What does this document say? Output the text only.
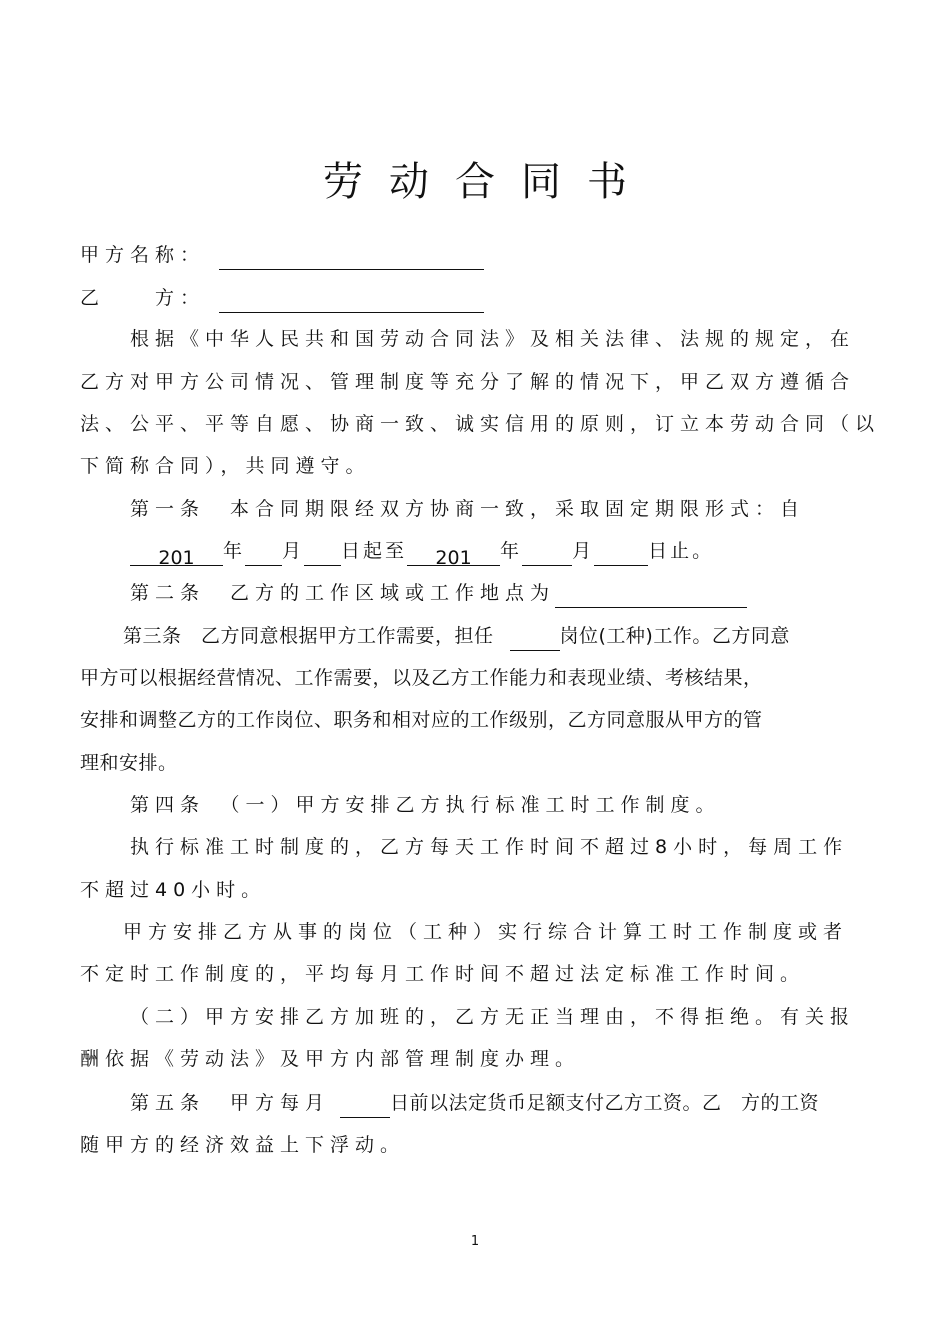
劳动合同书
甲方名称：
乙　　方：
根据《中华人民共和国劳动合同法》及相关法律、法规的规定，在
乙方对甲方公司情况、管理制度等充分了解的情况下，甲乙双方遵循合
法、公平、平等自愿、协商一致、诚实信用的原则，订立本劳动合同（以
下简称合同），共同遵守。
第一条　本合同期限经双方协商一致，采取固定期限形式：自
201 年 月 日起至 201 年	月	日止。
第二条　乙方的工作区域或工作地点为
第三条　乙方同意根据甲方工作需要，担任	岗位(工种)工作。乙方同意
甲方可以根据经营情况、工作需要，以及乙方工作能力和表现业绩、考核结果，
安排和调整乙方的工作岗位、职务和相对应的工作级别，乙方同意服从甲方的管
理和安排。
第四条　（一）甲方安排乙方执行标准工时工作制度。
执行标准工时制度的，乙方每天工作时间不超过8小时，每周工作
不超过40小时。
甲方安排乙方从事的岗位（工种）实行综合计算工时工作制度或者
不定时工作制度的，平均每月工作时间不超过法定标准工作时间。
（二）甲方安排乙方加班的，乙方无正当理由，不得拒绝。有关报
酬依据《劳动法》及甲方内部管理制度办理。
第五条　甲方每月	日前以法定货币足额支付乙方工资。乙　方的工资
随甲方的经济效益上下浮动。
1
